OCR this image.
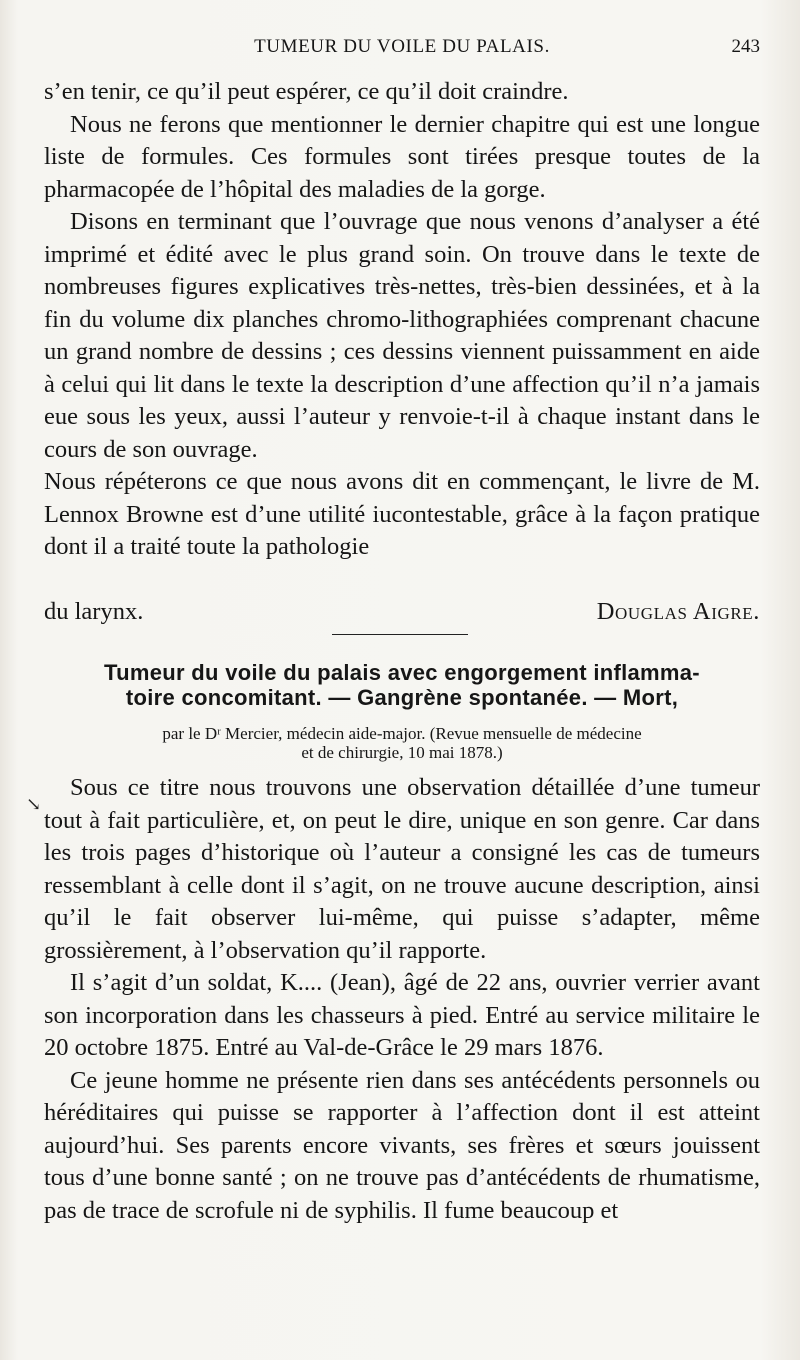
TUMEUR DU VOILE DU PALAIS.	243

s’en tenir, ce qu’il peut espérer, ce qu’il doit craindre.

Nous ne ferons que mentionner le dernier chapitre qui est une longue liste de formules. Ces formules sont tirées presque toutes de la pharmacopée de l’hôpital des maladies de la gorge.

Disons en terminant que l’ouvrage que nous venons d’analyser a été imprimé et édité avec le plus grand soin. On trouve dans le texte de nombreuses figures explicatives très-nettes, très-bien dessinées, et à la fin du volume dix planches chromo-lithographiées comprenant chacune un grand nombre de dessins ; ces dessins viennent puissamment en aide à celui qui lit dans le texte la description d’une affection qu’il n’a jamais eue sous les yeux, aussi l’auteur y renvoie-t-il à chaque instant dans le cours de son ouvrage.

Nous répéterons ce que nous avons dit en commençant, le livre de M. Lennox Browne est d’une utilité iucontestable, grâce à la façon pratique dont il a traité toute la pathologie

du larynx.	Douglas Aigre.
Tumeur du voile du palais avec engorgement inflamma-
toire concomitant. — Gangrène spontanée. — Mort,
par le Dʳ Mercier, médecin aide-major. (Revue mensuelle de médecine
et de chirurgie, 10 mai 1878.)
↘

Sous ce titre nous trouvons une observation détaillée d’une tumeur tout à fait particulière, et, on peut le dire, unique en son genre. Car dans les trois pages d’historique où l’auteur a consigné les cas de tumeurs ressemblant à celle dont il s’agit, on ne trouve aucune description, ainsi qu’il le fait observer lui-même, qui puisse s’adapter, même grossièrement, à l’observation qu’il rapporte.

Il s’agit d’un soldat, K.... (Jean), âgé de 22 ans, ouvrier verrier avant son incorporation dans les chasseurs à pied. Entré au service militaire le 20 octobre 1875. Entré au Val-de-Grâce le 29 mars 1876.

Ce jeune homme ne présente rien dans ses antécédents personnels ou héréditaires qui puisse se rapporter à l’affection dont il est atteint aujourd’hui. Ses parents encore vivants, ses frères et sœurs jouissent tous d’une bonne santé ; on ne trouve pas d’antécédents de rhumatisme, pas de trace de scrofule ni de syphilis. Il fume beaucoup et
